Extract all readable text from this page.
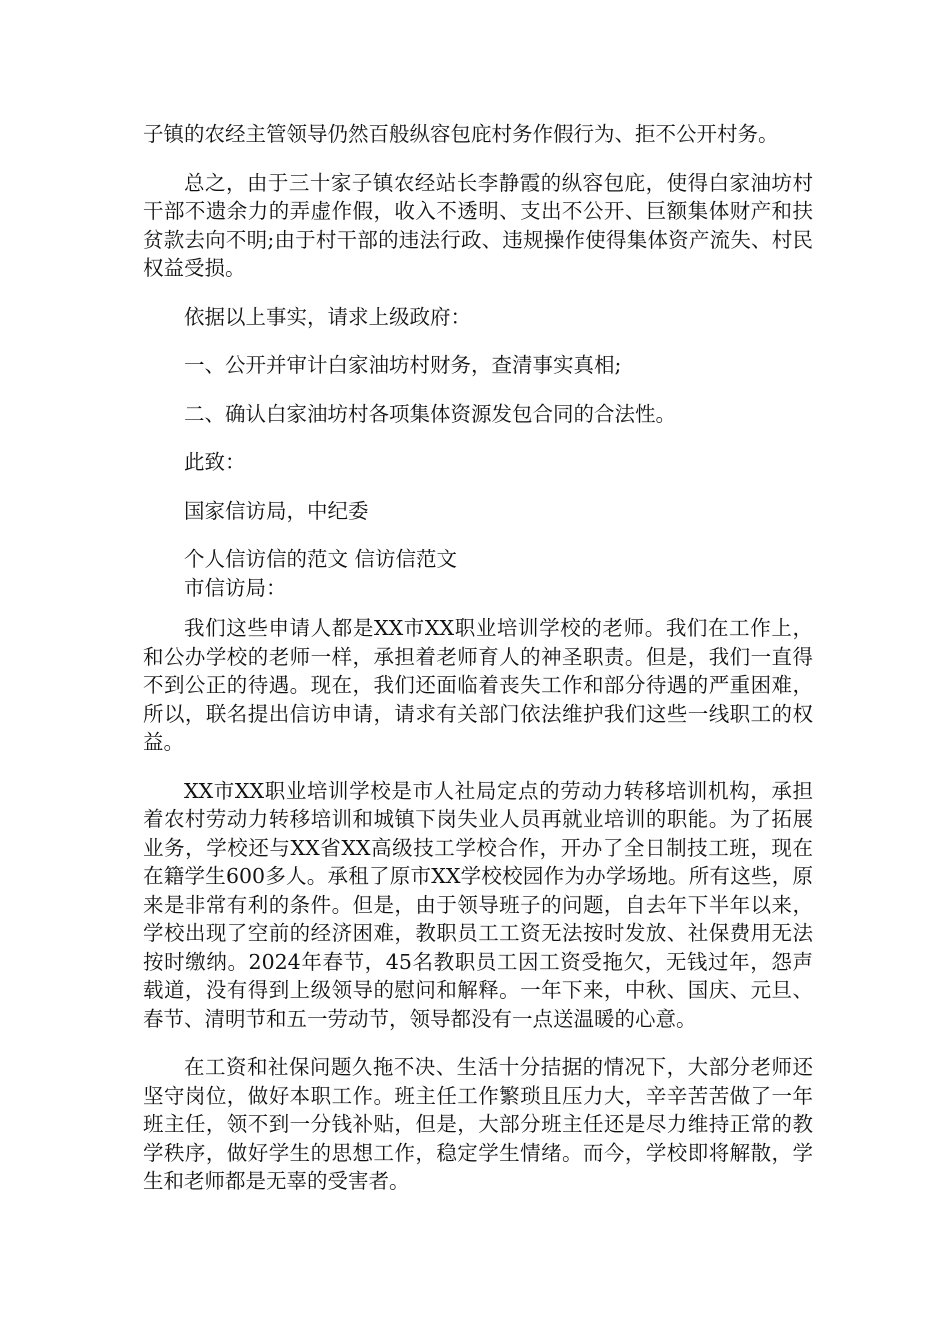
子镇的农经主管领导仍然百般纵容包庇村务作假行为、拒不公开村务。

总之，由于三十家子镇农经站长李静霞的纵容包庇，使得白家油坊村干部不遗余力的弄虚作假，收入不透明、支出不公开、巨额集体财产和扶贫款去向不明;由于村干部的违法行政、违规操作使得集体资产流失、村民权益受损。

依据以上事实，请求上级政府：

一、公开并审计白家油坊村财务，查清事实真相;

二、确认白家油坊村各项集体资源发包合同的合法性。

此致：

国家信访局，中纪委

个人信访信的范文 信访信范文
市信访局：

我们这些申请人都是XX市XX职业培训学校的老师。我们在工作上，和公办学校的老师一样，承担着老师育人的神圣职责。但是，我们一直得不到公正的待遇。现在，我们还面临着丧失工作和部分待遇的严重困难，所以，联名提出信访申请，请求有关部门依法维护我们这些一线职工的权益。

XX市XX职业培训学校是市人社局定点的劳动力转移培训机构，承担着农村劳动力转移培训和城镇下岗失业人员再就业培训的职能。为了拓展业务，学校还与XX省XX高级技工学校合作，开办了全日制技工班，现在在籍学生600多人。承租了原市XX学校校园作为办学场地。所有这些，原来是非常有利的条件。但是，由于领导班子的问题，自去年下半年以来，学校出现了空前的经济困难，教职员工工资无法按时发放、社保费用无法按时缴纳。2024年春节，45名教职员工因工资受拖欠，无钱过年，怨声载道，没有得到上级领导的慰问和解释。一年下来，中秋、国庆、元旦、春节、清明节和五一劳动节，领导都没有一点送温暖的心意。

在工资和社保问题久拖不决、生活十分拮据的情况下，大部分老师还坚守岗位，做好本职工作。班主任工作繁琐且压力大，辛辛苦苦做了一年班主任，领不到一分钱补贴，但是，大部分班主任还是尽力维持正常的教学秩序，做好学生的思想工作，稳定学生情绪。而今，学校即将解散，学生和老师都是无辜的受害者。
